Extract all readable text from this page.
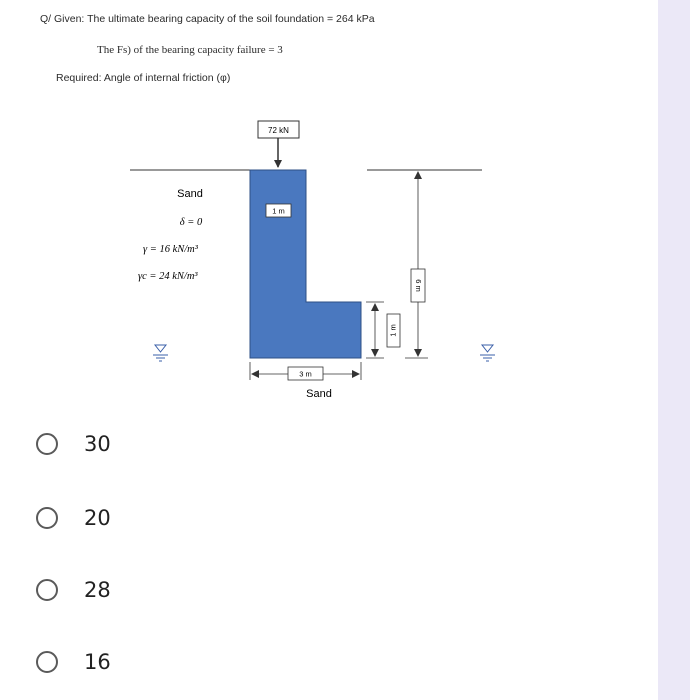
Q/ Given: The ultimate bearing capacity of the soil foundation = 264 kPa
The Fs) of the bearing capacity failure = 3
Required: Angle of internal friction (φ)
72 kN
1 m
Sand
δ = 0
γ = 16 kN/m³
γc = 24 kN/m³
3 m
Sand
1 m
6 m
30
20
28
16
